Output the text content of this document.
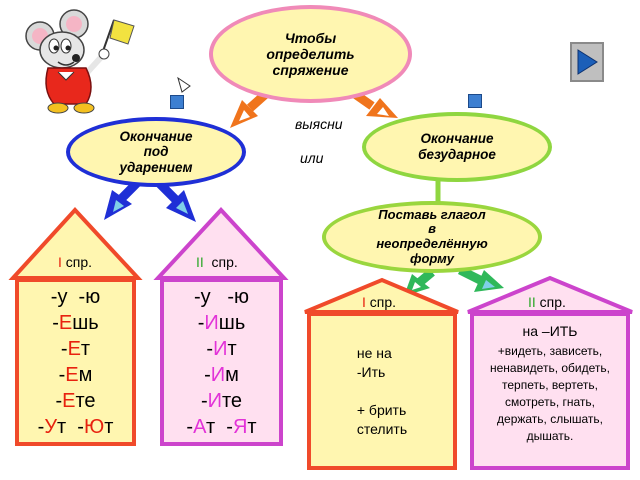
Чтобы
определить
спряжение
Окончание
под
ударением
Окончание
безударное
Поставь глагол
в
неопределённую
форму
выясни
или
I спр.	II  спр.
I спр.	II спр.
-у  -ю
-Ешь
-Ет
-Ем
-Ете
-Ут  -Ют
-у   -ю
-Ишь
-Ит
-Им
-Ите
-Ат  -Ят
не на
-Ить

+ брить
стелить
на –ИТЬ
+видеть, зависеть,
ненавидеть, обидеть,
терпеть, вертеть,
смотреть, гнать,
держать, слышать,
дышать.
